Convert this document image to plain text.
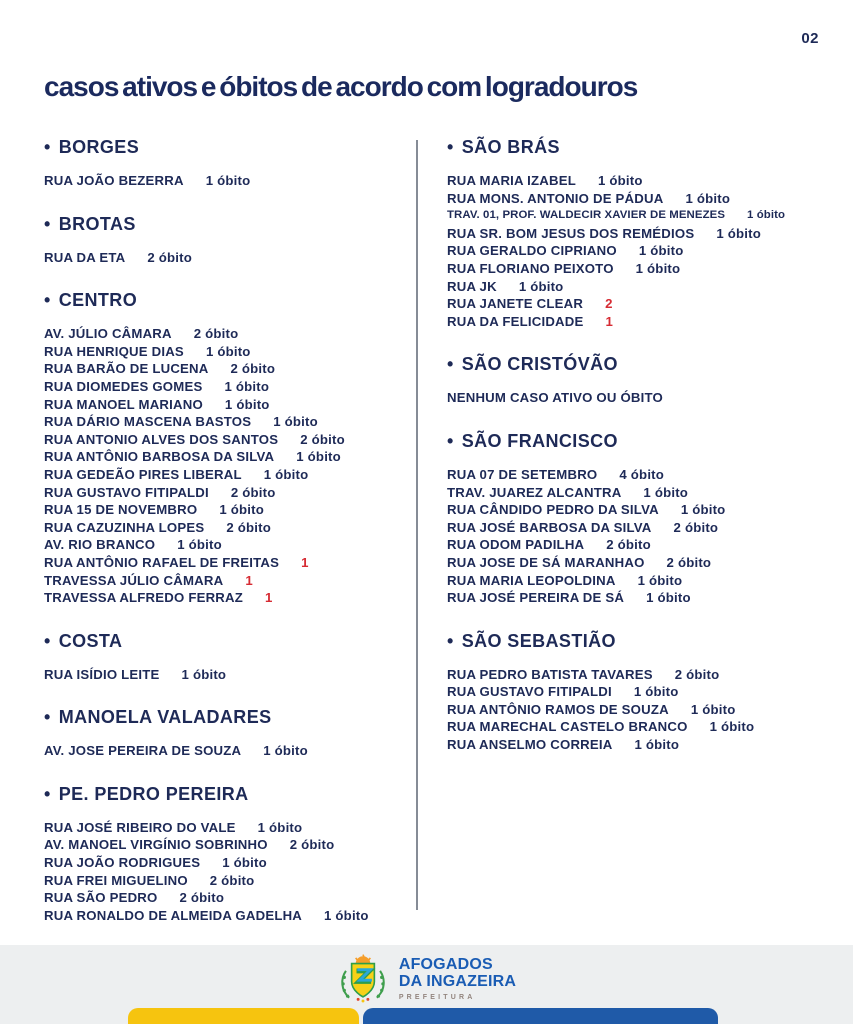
02
casos ativos e óbitos de acordo com logradouros
• BORGES
RUA JOÃO BEZERRA 1 óbito
• BROTAS
RUA DA ETA 2 óbito
• CENTRO
AV. JÚLIO CÂMARA 2 óbito
RUA HENRIQUE DIAS 1 óbito
RUA BARÃO DE LUCENA 2 óbito
RUA DIOMEDES GOMES 1 óbito
RUA MANOEL MARIANO 1 óbito
RUA DÁRIO MASCENA BASTOS 1 óbito
RUA ANTONIO ALVES DOS SANTOS 2 óbito
RUA ANTÔNIO BARBOSA DA SILVA 1 óbito
RUA GEDEÃO PIRES LIBERAL 1 óbito
RUA GUSTAVO FITIPALDI 2 óbito
RUA 15 DE NOVEMBRO 1 óbito
RUA CAZUZINHA LOPES 2 óbito
AV. RIO BRANCO 1 óbito
RUA ANTÔNIO RAFAEL DE FREITAS 1
TRAVESSA JÚLIO CÂMARA 1
TRAVESSA ALFREDO FERRAZ 1
• COSTA
RUA ISÍDIO LEITE 1 óbito
• MANOELA VALADARES
AV. JOSE PEREIRA DE SOUZA 1 óbito
• PE. PEDRO PEREIRA
RUA JOSÉ RIBEIRO DO VALE 1 óbito
AV. MANOEL VIRGÍNIO SOBRINHO 2 óbito
RUA JOÃO RODRIGUES 1 óbito
RUA FREI MIGUELINO 2 óbito
RUA SÃO PEDRO 2 óbito
RUA RONALDO DE ALMEIDA GADELHA 1 óbito
• SÃO BRÁS
RUA MARIA IZABEL 1 óbito
RUA MONS. ANTONIO DE PÁDUA 1 óbito
TRAV. 01, PROF. WALDECIR XAVIER DE MENEZES 1 óbito
RUA SR. BOM JESUS DOS REMÉDIOS 1 óbito
RUA GERALDO CIPRIANO 1 óbito
RUA FLORIANO PEIXOTO 1 óbito
RUA JK 1 óbito
RUA JANETE CLEAR 2
RUA DA FELICIDADE 1
• SÃO CRISTÓVÃO
NENHUM CASO ATIVO OU ÓBITO
• SÃO FRANCISCO
RUA 07 DE SETEMBRO 4 óbito
TRAV. JUAREZ ALCANTRA 1 óbito
RUA CÂNDIDO PEDRO DA SILVA 1 óbito
RUA JOSÉ BARBOSA DA SILVA 2 óbito
RUA ODOM PADILHA 2 óbito
RUA JOSE DE SÁ MARANHAO 2 óbito
RUA MARIA LEOPOLDINA 1 óbito
RUA JOSÉ PEREIRA DE SÁ 1 óbito
• SÃO SEBASTIÃO
RUA PEDRO BATISTA TAVARES 2 óbito
RUA GUSTAVO FITIPALDI 1 óbito
RUA ANTÔNIO RAMOS DE SOUZA 1 óbito
RUA MARECHAL CASTELO BRANCO 1 óbito
RUA ANSELMO CORREIA 1 óbito
AFOGADOS
DA INGAZEIRA
PREFEITURA
